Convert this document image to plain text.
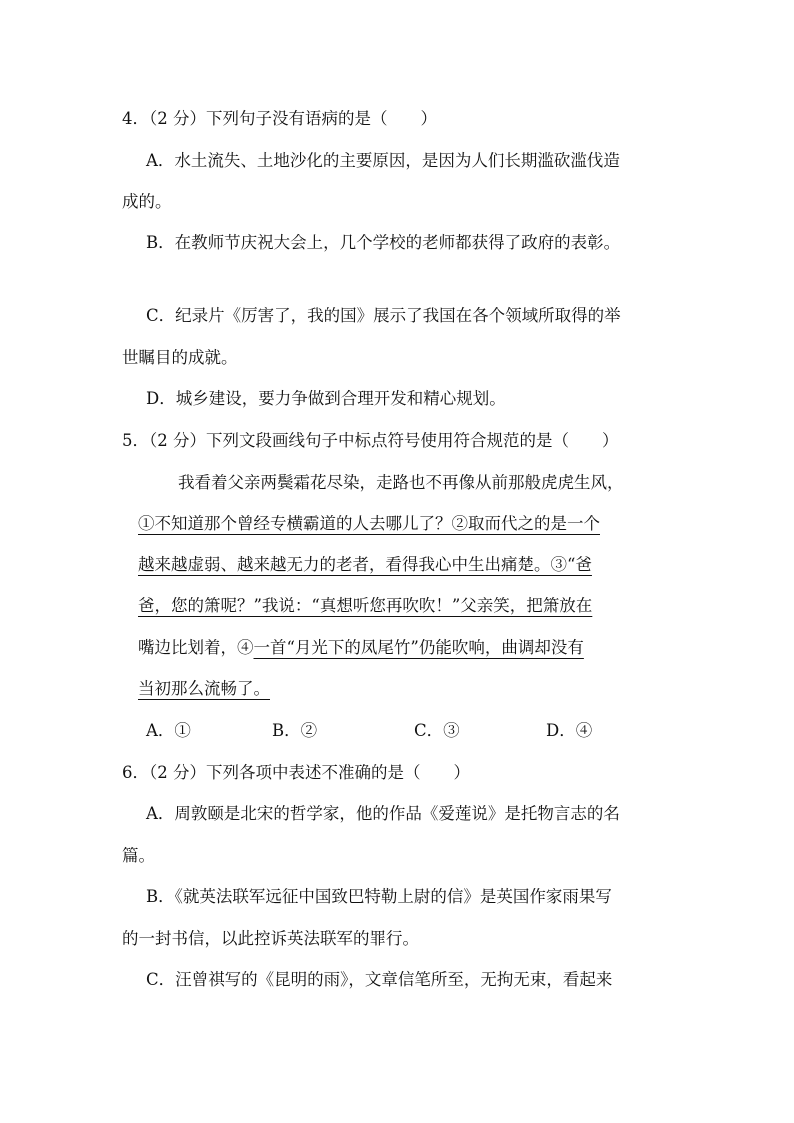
4．（2 分）下列句子没有语病的是（　　）
A．水土流失、土地沙化的主要原因，是因为人们长期滥砍滥伐造
成的。
B．在教师节庆祝大会上，几个学校的老师都获得了政府的表彰。
C．纪录片《厉害了，我的国》展示了我国在各个领域所取得的举
世瞩目的成就。
D．城乡建设，要力争做到合理开发和精心规划。
5．（2 分）下列文段画线句子中标点符号使用符合规范的是（　　）
我看着父亲两鬓霜花尽染，走路也不再像从前那般虎虎生风，
①不知道那个曾经专横霸道的人去哪儿了？②取而代之的是一个
越来越虚弱、越来越无力的老者，看得我心中生出痛楚。③“爸
爸，您的箫呢？”我说：“真想听您再吹吹！”父亲笑，把箫放在
嘴边比划着，④一首“月光下的凤尾竹”仍能吹响，曲调却没有
当初那么流畅了。
A．①	B．②	C．③	D．④
6．（2 分）下列各项中表述不准确的是（　　）
A．周敦颐是北宋的哲学家，他的作品《爱莲说》是托物言志的名
篇。
B．《就英法联军远征中国致巴特勒上尉的信》是英国作家雨果写
的一封书信，以此控诉英法联军的罪行。
C．汪曾祺写的《昆明的雨》，文章信笔所至，无拘无束，看起来
